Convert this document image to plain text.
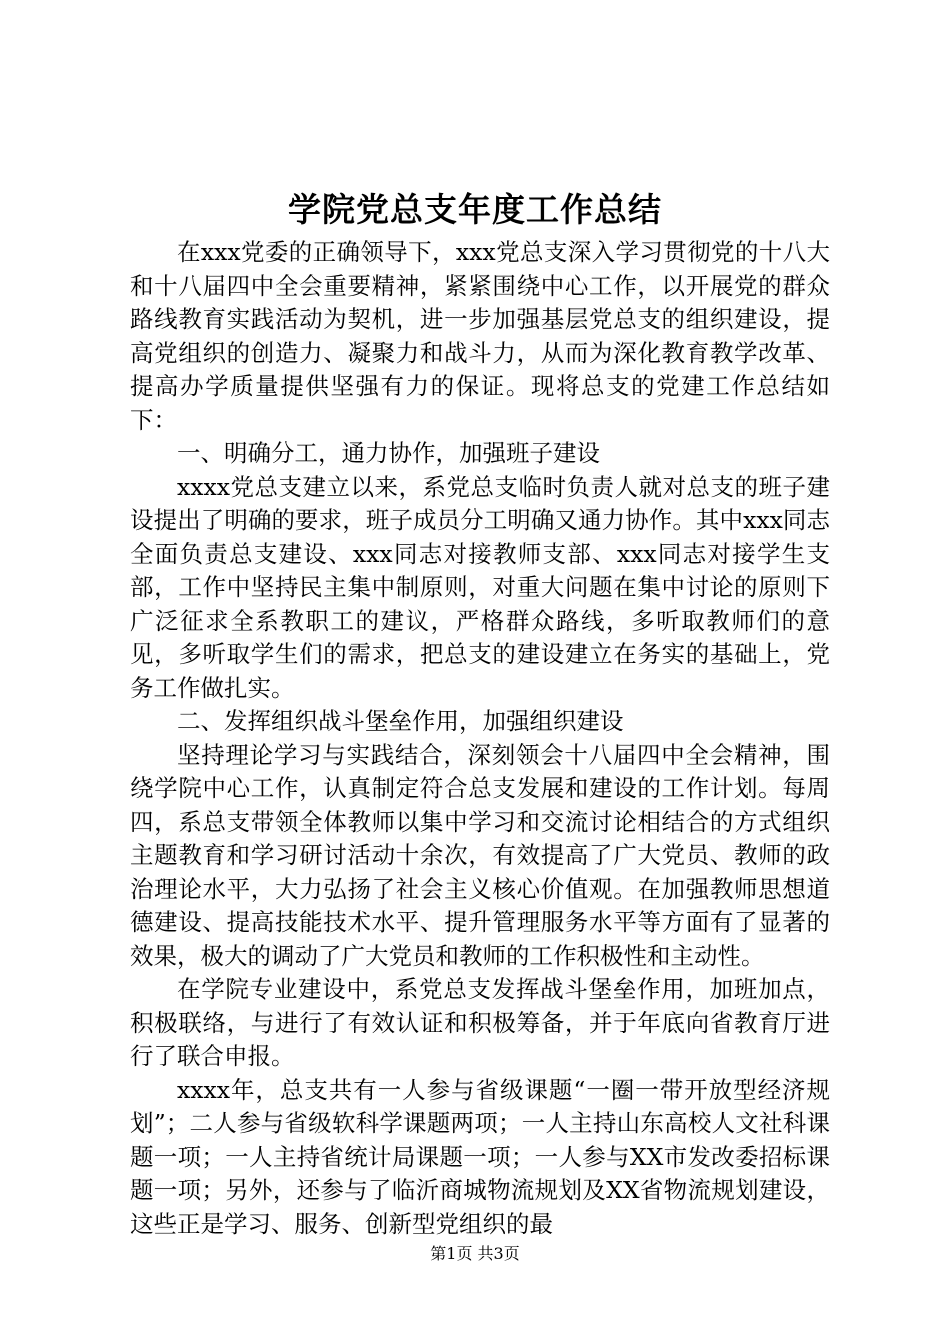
学院党总支年度工作总结

在xxx党委的正确领导下，xxx党总支深入学习贯彻党的十八大和十八届四中全会重要精神，紧紧围绕中心工作，以开展党的群众路线教育实践活动为契机，进一步加强基层党总支的组织建设，提高党组织的创造力、凝聚力和战斗力，从而为深化教育教学改革、提高办学质量提供坚强有力的保证。现将总支的党建工作总结如下：

一、明确分工，通力协作，加强班子建设

xxxx党总支建立以来，系党总支临时负责人就对总支的班子建设提出了明确的要求，班子成员分工明确又通力协作。其中xxx同志全面负责总支建设、xxx同志对接教师支部、xxx同志对接学生支部，工作中坚持民主集中制原则，对重大问题在集中讨论的原则下广泛征求全系教职工的建议，严格群众路线，多听取教师们的意见，多听取学生们的需求，把总支的建设建立在务实的基础上，党务工作做扎实。

二、发挥组织战斗堡垒作用，加强组织建设

坚持理论学习与实践结合，深刻领会十八届四中全会精神，围绕学院中心工作，认真制定符合总支发展和建设的工作计划。每周四，系总支带领全体教师以集中学习和交流讨论相结合的方式组织主题教育和学习研讨活动十余次，有效提高了广大党员、教师的政治理论水平，大力弘扬了社会主义核心价值观。在加强教师思想道德建设、提高技能技术水平、提升管理服务水平等方面有了显著的效果，极大的调动了广大党员和教师的工作积极性和主动性。

在学院专业建设中，系党总支发挥战斗堡垒作用，加班加点，积极联络，与进行了有效认证和积极筹备，并于年底向省教育厅进行了联合申报。

xxxx年，总支共有一人参与省级课题“一圈一带开放型经济规划”；二人参与省级软科学课题两项；一人主持山东高校人文社科课题一项；一人主持省统计局课题一项；一人参与XX市发改委招标课题一项；另外，还参与了临沂商城物流规划及XX省物流规划建设，这些正是学习、服务、创新型党组织的最

第1页 共3页
